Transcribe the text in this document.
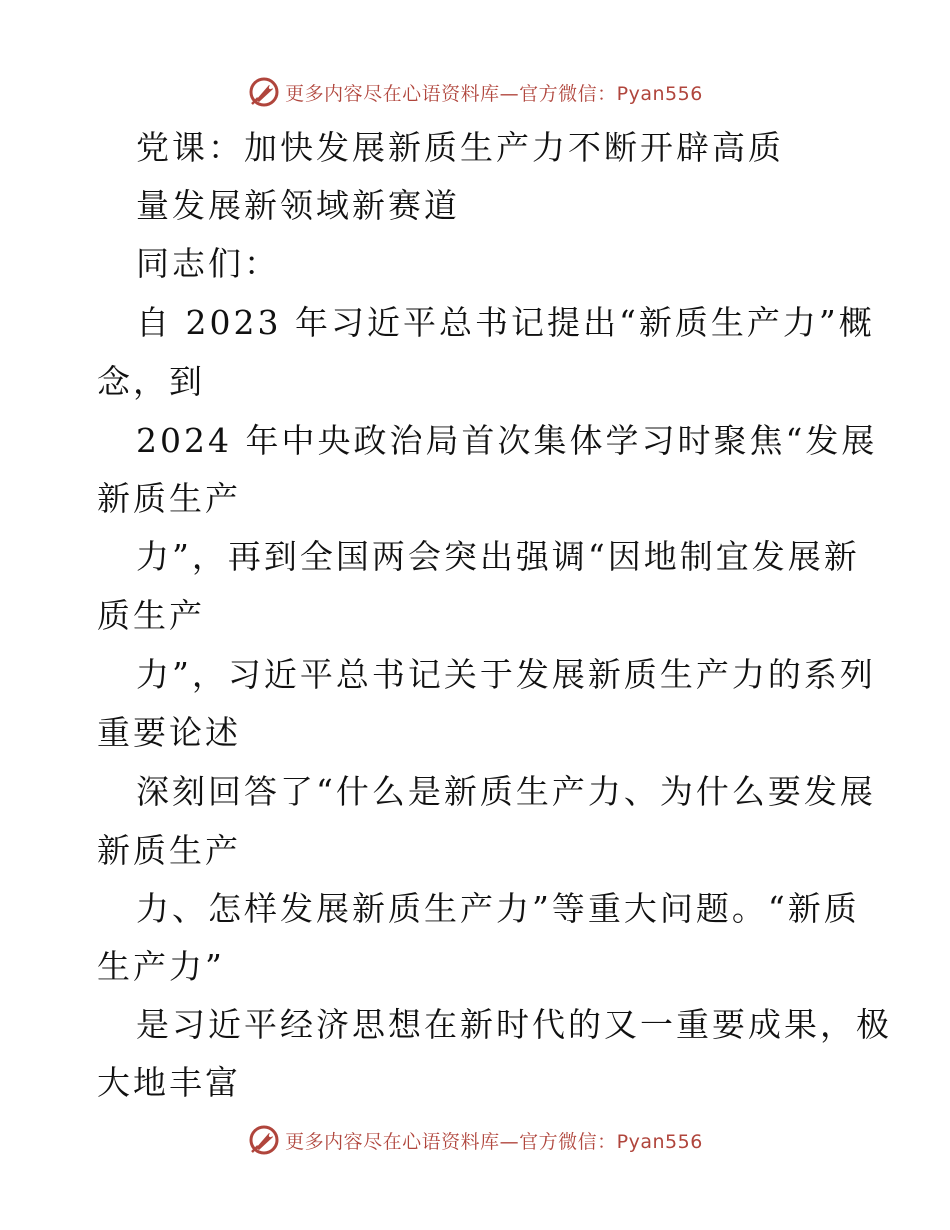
更多内容尽在心语资料库—官方微信：Pyan556
党课：加快发展新质生产力不断开辟高质
量发展新领域新赛道
同志们：
自 2023 年习近平总书记提出“新质生产力”概
念，到
2024 年中央政治局首次集体学习时聚焦“发展
新质生产
力”，再到全国两会突出强调“因地制宜发展新
质生产
力”，习近平总书记关于发展新质生产力的系列
重要论述
深刻回答了“什么是新质生产力、为什么要发展
新质生产
力、怎样发展新质生产力”等重大问题。“新质
生产力”
是习近平经济思想在新时代的又一重要成果，极
大地丰富
更多内容尽在心语资料库—官方微信：Pyan556
